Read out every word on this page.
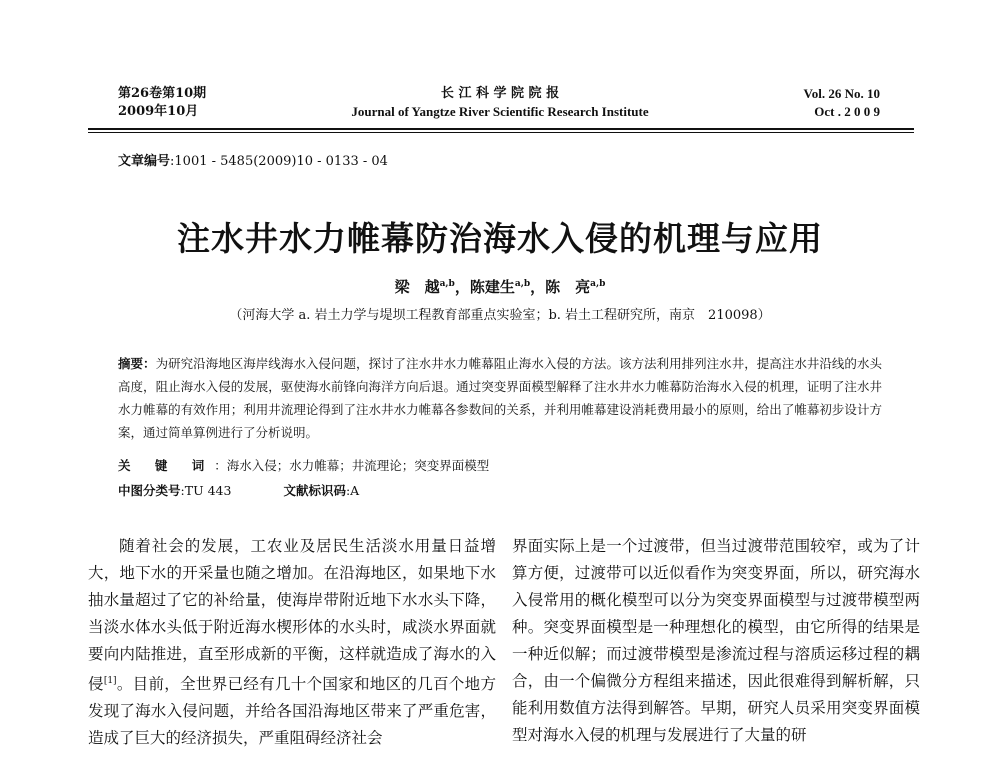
第26卷第10期
2009年10月
长 江 科 学 院 院 报
Journal of Yangtze River Scientific Research Institute
Vol. 26 No. 10
Oct . 2 0 0 9
文章编号:1001 - 5485(2009)10 - 0133 - 04
注水井水力帷幕防治海水入侵的机理与应用
梁　越$^{a,b}$，陈建生$^{a,b}$，陈　亮$^{a,b}$
（河海大学 a. 岩土力学与堤坝工程教育部重点实验室；b. 岩土工程研究所，南京　210098）
摘要：为研究沿海地区海岸线海水入侵问题，探讨了注水井水力帷幕阻止海水入侵的方法。该方法利用排列注水井，提高注水井沿线的水头高度，阻止海水入侵的发展，驱使海水前锋向海洋方向后退。通过突变界面模型解释了注水井水力帷幕防治海水入侵的机理，证明了注水井水力帷幕的有效作用；利用井流理论得到了注水井水力帷幕各参数间的关系，并利用帷幕建设消耗费用最小的原则，给出了帷幕初步设计方案，通过简单算例进行了分析说明。
关 键 词：海水入侵；水力帷幕；井流理论；突变界面模型
中图分类号:TU 443	文献标识码:A

随着社会的发展，工农业及居民生活淡水用量日益增大，地下水的开采量也随之增加。在沿海地区，如果地下水抽水量超过了它的补给量，使海岸带附近地下水水头下降，当淡水体水头低于附近海水楔形体的水头时，咸淡水界面就要向内陆推进，直至形成新的平衡，这样就造成了海水的入侵[1]。目前，全世界已经有几十个国家和地区的几百个地方发现了海水入侵问题，并给各国沿海地区带来了严重危害，造成了巨大的经济损失，严重阻碍经济社会

界面实际上是一个过渡带，但当过渡带范围较窄，或为了计算方便，过渡带可以近似看作为突变界面，所以，研究海水入侵常用的概化模型可以分为突变界面模型与过渡带模型两种。突变界面模型是一种理想化的模型，由它所得的结果是一种近似解；而过渡带模型是渗流过程与溶质运移过程的耦合，由一个偏微分方程组来描述，因此很难得到解析解，只能利用数值方法得到解答。早期，研究人员采用突变界面模型对海水入侵的机理与发展进行了大量的研
